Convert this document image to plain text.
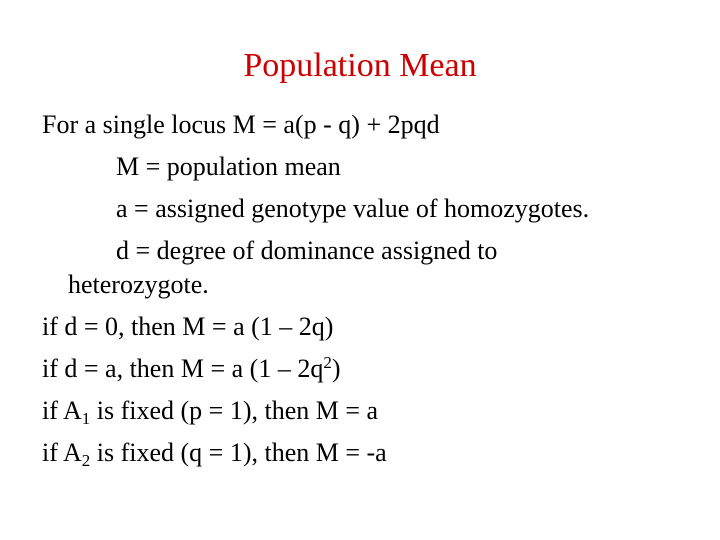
Population Mean
For a single locus M = a(p - q) + 2pqd
M = population mean
a = assigned genotype value of homozygotes.
d = degree of dominance assigned to
heterozygote.
if d = 0, then M = a (1 – 2q)
if d = a, then M = a $(1 - 2q^2)$
if $A_1$ is fixed (p = 1), then M = a
if $A_2$ is fixed (q = 1), then M = -a
